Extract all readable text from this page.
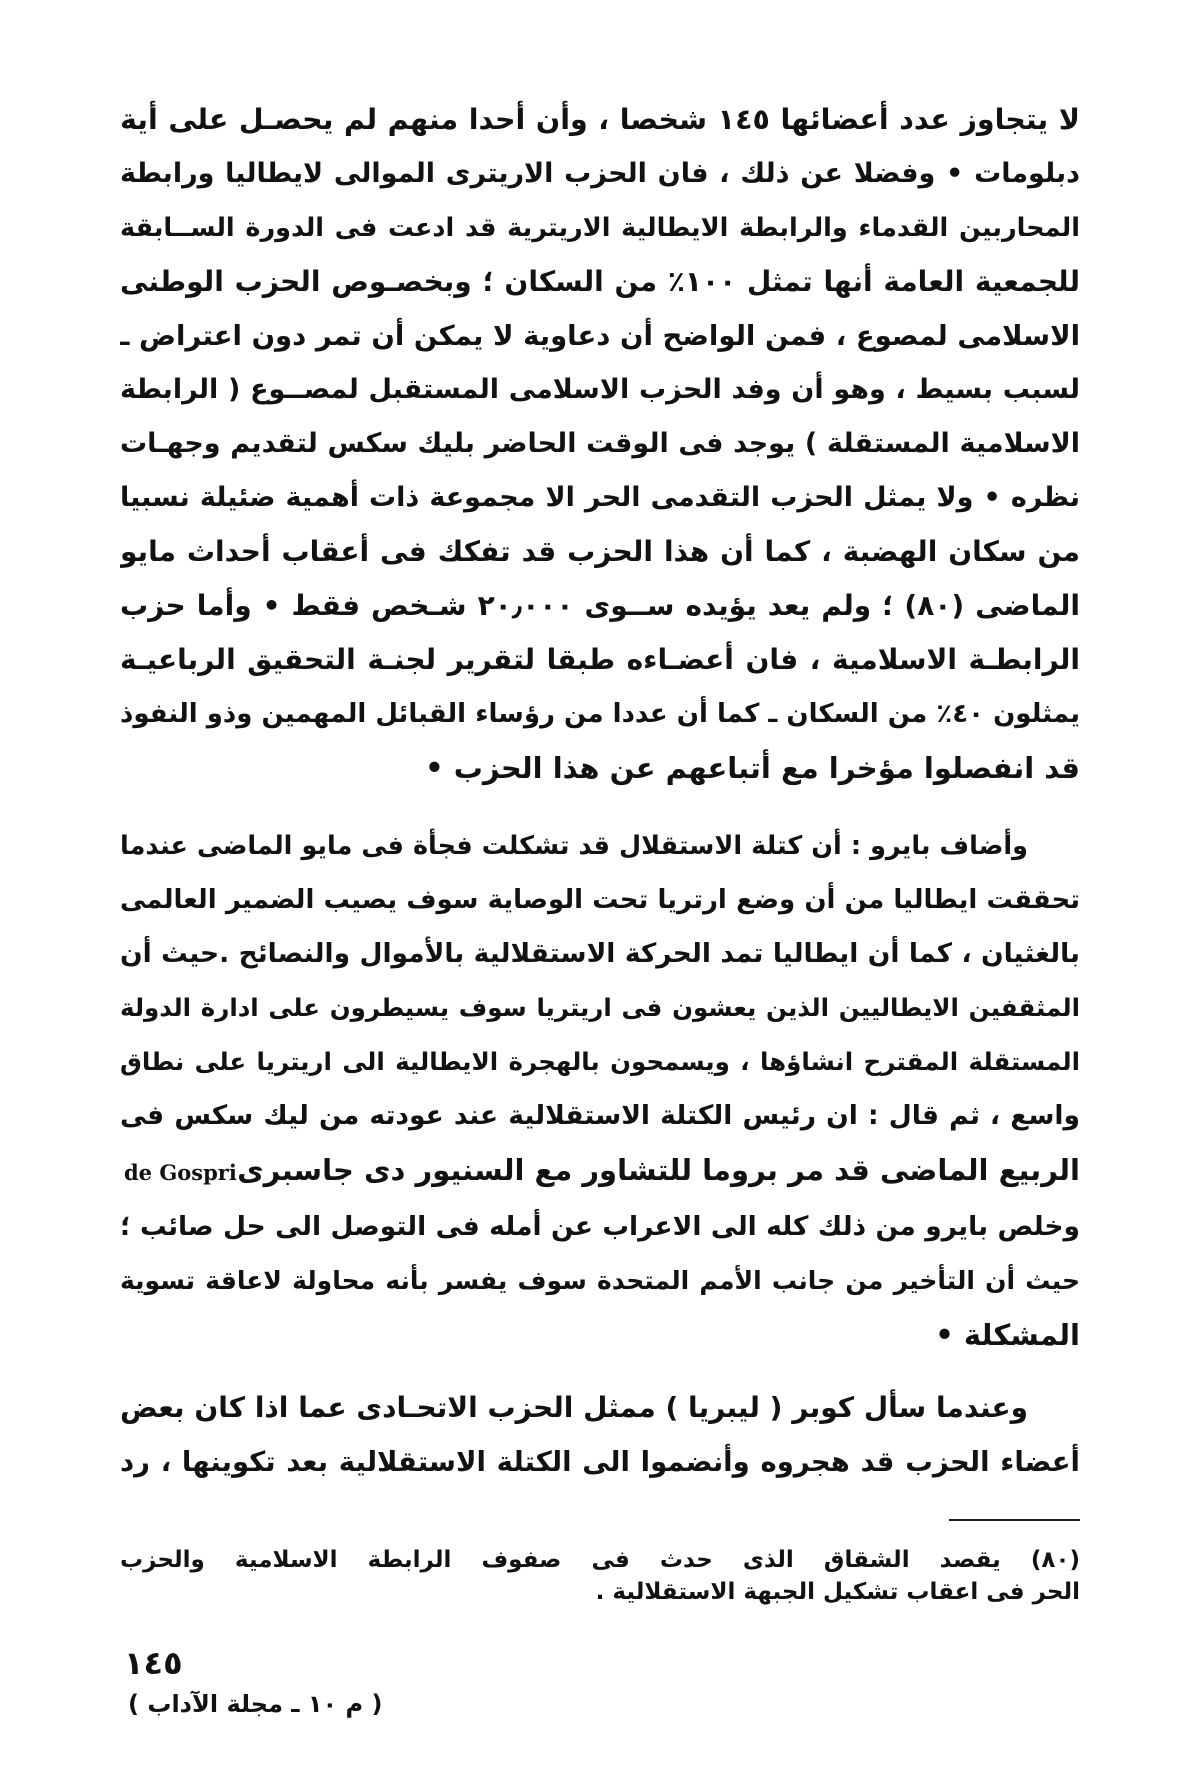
لا يتجاوز عدد أعضائها ١٤٥ شخصا ، وأن أحدا منهم لم يحصـل على أية
دبلومات • وفضلا عن ذلك ، فان الحزب الاريترى الموالى لايطاليا ورابطة
المحاربين القدماء والرابطة الايطالية الاريترية قد ادعت فى الدورة الســابقة
للجمعية العامة أنها تمثل ١٠٠٪ من السكان ؛ وبخصـوص الحزب الوطنى
الاسلامى لمصوع ، فمن الواضح أن دعاوية لا يمكن أن تمر دون اعتراض ـ
لسبب بسيط ، وهو أن وفد الحزب الاسلامى المستقبل لمصــوع ( الرابطة
الاسلامية المستقلة ) يوجد فى الوقت الحاضر بليك سكس لتقديم وجهـات
نظره • ولا يمثل الحزب التقدمى الحر الا مجموعة ذات أهمية ضئيلة نسبيا
من سكان الهضبة ، كما أن هذا الحزب قد تفكك فى أعقاب أحداث مايو
الماضى (٨٠) ؛ ولم يعد يؤيده ســوى ٢٠٫٠٠٠ شـخص فقط • وأما حزب
الرابطـة الاسلامية ، فان أعضـاءه طبقا لتقرير لجنـة التحقيق الرباعيـة
يمثلون ٤٠٪ من السكان ـ كما أن عددا من رؤساء القبائل المهمين وذو النفوذ
قد انفصلوا مؤخرا مع أتباعهم عن هذا الحزب •
وأضاف بايرو : أن كتلة الاستقلال قد تشكلت فجأة فى مايو الماضى عندما
تحققت ايطاليا من أن وضع ارتريا تحت الوصاية سوف يصيب الضمير العالمى
بالغثيان ، كما أن ايطاليا تمد الحركة الاستقلالية بالأموال والنصائح .حيث أن
المثقفين الايطاليين الذين يعشون فى اريتريا سوف يسيطرون على ادارة الدولة
المستقلة المقترح انشاؤها ، ويسمحون بالهجرة الايطالية الى اريتريا على نطاق
واسع ، ثم قال : ان رئيس الكتلة الاستقلالية عند عودته من ليك سكس فى
الربيع الماضى قد مر بروما للتشاور مع السنيور دى جاسبرى
de Gospri
وخلص بايرو من ذلك كله الى الاعراب عن أمله فى التوصل الى حل صائب ؛
حيث أن التأخير من جانب الأمم المتحدة سوف يفسر بأنه محاولة لاعاقة تسوية
المشكلة •
وعندما سأل كوبر ( ليبريا ) ممثل الحزب الاتحـادى عما اذا كان بعض
أعضاء الحزب قد هجروه وأنضموا الى الكتلة الاستقلالية بعد تكوينها ، رد
(٨٠) يقصد الشقاق الذى حدث فى صفوف الرابطة الاسلامية والحزب
الحر فى اعقاب تشكيل الجبهة الاستقلالية .
١٤٥
( م ١٠ ـ مجلة الآداب )
